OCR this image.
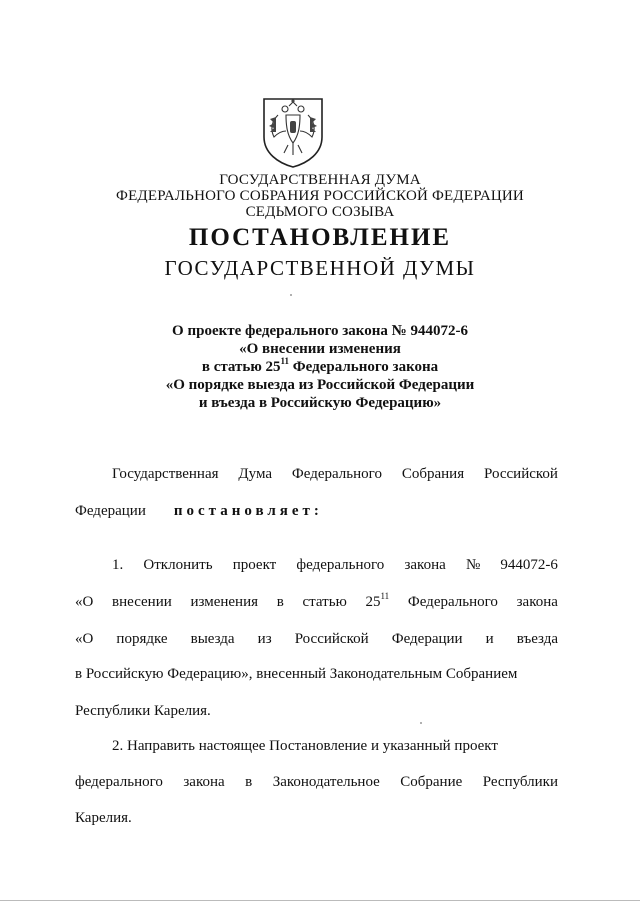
ГОСУДАРСТВЕННАЯ ДУМА
ФЕДЕРАЛЬНОГО СОБРАНИЯ РОССИЙСКОЙ ФЕДЕРАЦИИ
СЕДЬМОГО СОЗЫВА
ПОСТАНОВЛЕНИЕ
ГОСУДАРСТВЕННОЙ ДУМЫ
О проекте федерального закона № 944072-6
«О внесении изменения
в статью $25^{11}$ Федерального закона
«О порядке выезда из Российской Федерации
и въезда в Российскую Федерацию»
Государственная Дума Федерального Собрания Российской
Федерации постановляет:
1. Отклонить проект федерального закона № 944072-6
«О внесении изменения в статью $25^{11}$ Федерального закона
«О порядке выезда из Российской Федерации и въезда
в Российскую Федерацию», внесенный Законодательным Собранием
Республики Карелия.
2. Направить настоящее Постановление и указанный проект
федерального закона в Законодательное Собрание Республики
Карелия.
